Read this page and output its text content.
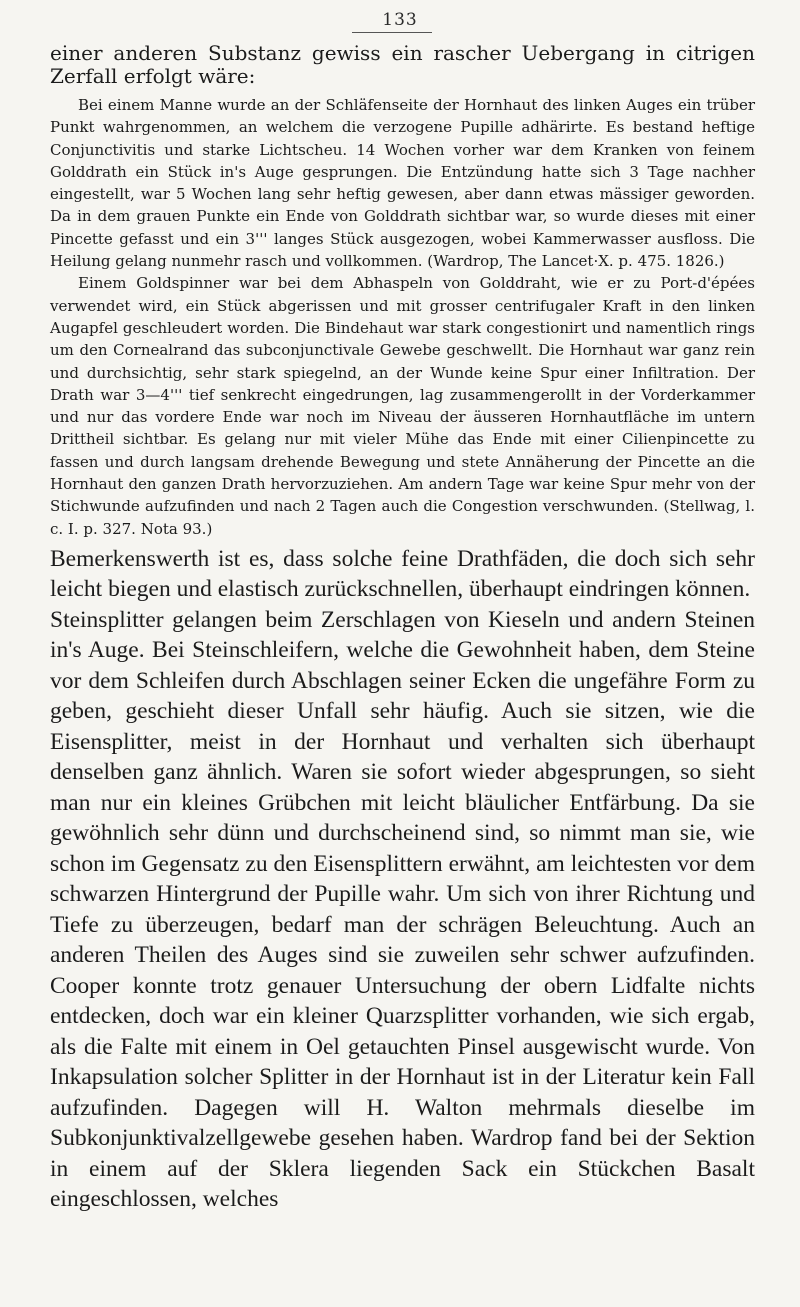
133

einer anderen Substanz gewiss ein rascher Uebergang in citrigen Zerfall erfolgt wäre:

Bei einem Manne wurde an der Schläfenseite der Hornhaut des linken Auges ein trüber Punkt wahrgenommen, an welchem die verzogene Pupille adhärirte. Es bestand heftige Conjunctivitis und starke Lichtscheu. 14 Wochen vorher war dem Kranken von feinem Golddrath ein Stück in's Auge gesprungen. Die Entzündung hatte sich 3 Tage nachher eingestellt, war 5 Wochen lang sehr heftig gewesen, aber dann etwas mässiger geworden. Da in dem grauen Punkte ein Ende von Golddrath sichtbar war, so wurde dieses mit einer Pincette gefasst und ein 3''' langes Stück ausgezogen, wobei Kammerwasser ausfloss. Die Heilung gelang nunmehr rasch und vollkommen. (Wardrop, The Lancet·X. p. 475. 1826.)

Einem Goldspinner war bei dem Abhaspeln von Golddraht, wie er zu Port-d'épées verwendet wird, ein Stück abgerissen und mit grosser centrifugaler Kraft in den linken Augapfel geschleudert worden. Die Bindehaut war stark congestionirt und namentlich rings um den Cornealrand das subconjunctivale Gewebe geschwellt. Die Hornhaut war ganz rein und durchsichtig, sehr stark spiegelnd, an der Wunde keine Spur einer Infiltration. Der Drath war 3—4''' tief senkrecht eingedrungen, lag zusammengerollt in der Vorderkammer und nur das vordere Ende war noch im Niveau der äusseren Hornhautfläche im untern Drittheil sichtbar. Es gelang nur mit vieler Mühe das Ende mit einer Cilienpincette zu fassen und durch langsam drehende Bewegung und stete Annäherung der Pincette an die Hornhaut den ganzen Drath hervorzuziehen. Am andern Tage war keine Spur mehr von der Stichwunde aufzufinden und nach 2 Tagen auch die Congestion verschwunden. (Stellwag, l. c. I. p. 327. Nota 93.)

Bemerkenswerth ist es, dass solche feine Drathfäden, die doch sich sehr leicht biegen und elastisch zurückschnellen, überhaupt eindringen können.

Steinsplitter gelangen beim Zerschlagen von Kieseln und andern Steinen in's Auge. Bei Steinschleifern, welche die Gewohnheit haben, dem Steine vor dem Schleifen durch Abschlagen seiner Ecken die ungefähre Form zu geben, geschieht dieser Unfall sehr häufig. Auch sie sitzen, wie die Eisensplitter, meist in der Hornhaut und verhalten sich überhaupt denselben ganz ähnlich. Waren sie sofort wieder abgesprungen, so sieht man nur ein kleines Grübchen mit leicht bläulicher Entfärbung. Da sie gewöhnlich sehr dünn und durchscheinend sind, so nimmt man sie, wie schon im Gegensatz zu den Eisensplittern erwähnt, am leichtesten vor dem schwarzen Hintergrund der Pupille wahr. Um sich von ihrer Richtung und Tiefe zu überzeugen, bedarf man der schrägen Beleuchtung. Auch an anderen Theilen des Auges sind sie zuweilen sehr schwer aufzufinden. Cooper konnte trotz genauer Untersuchung der obern Lidfalte nichts entdecken, doch war ein kleiner Quarzsplitter vorhanden, wie sich ergab, als die Falte mit einem in Oel getauchten Pinsel ausgewischt wurde. Von Inkapsulation solcher Splitter in der Hornhaut ist in der Literatur kein Fall aufzufinden. Dagegen will H. Walton mehrmals dieselbe im Subkonjunktivalzellgewebe gesehen haben. Wardrop fand bei der Sektion in einem auf der Sklera liegenden Sack ein Stückchen Basalt eingeschlossen, welches
